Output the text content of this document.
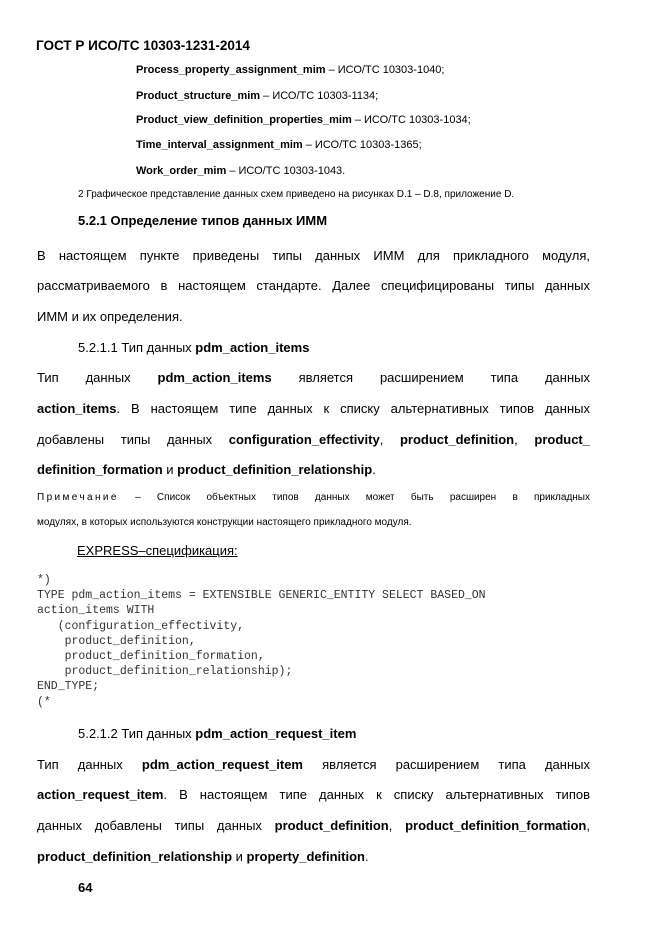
ГОСТ Р ИСО/ТС 10303-1231-2014
Process_property_assignment_mim – ИСО/ТС 10303-1040;
Product_structure_mim – ИСО/ТС 10303-1134;
Product_view_definition_properties_mim – ИСО/ТС 10303-1034;
Time_interval_assignment_mim – ИСО/ТС 10303-1365;
Work_order_mim – ИСО/ТС 10303-1043.
2 Графическое представление данных схем приведено на рисунках D.1 – D.8, приложение D.
5.2.1 Определение типов данных ИММ
В настоящем пункте приведены типы данных ИММ для прикладного модуля,
рассматриваемого в настоящем стандарте. Далее специфицированы типы данных
ИММ и их определения.
5.2.1.1 Тип данных pdm_action_items
Тип данных pdm_action_items является расширением типа данных
action_items. В настоящем типе данных к списку альтернативных типов данных
добавлены типы данных configuration_effectivity, product_definition, product_
definition_formation и product_definition_relationship.
Примечание – Список объектных типов данных может быть расширен в прикладных
модулях, в которых используются конструкции настоящего прикладного модуля.
EXPRESS–спецификация:
*)
TYPE pdm_action_items = EXTENSIBLE GENERIC_ENTITY SELECT BASED_ON
action_items WITH
(configuration_effectivity,
product_definition,
product_definition_formation,
product_definition_relationship);
END_TYPE;
(*
5.2.1.2 Тип данных pdm_action_request_item
Тип данных pdm_action_request_item является расширением типа данных
action_request_item. В настоящем типе данных к списку альтернативных типов
данных добавлены типы данных product_definition, product_definition_formation,
product_definition_relationship и property_definition.
64
